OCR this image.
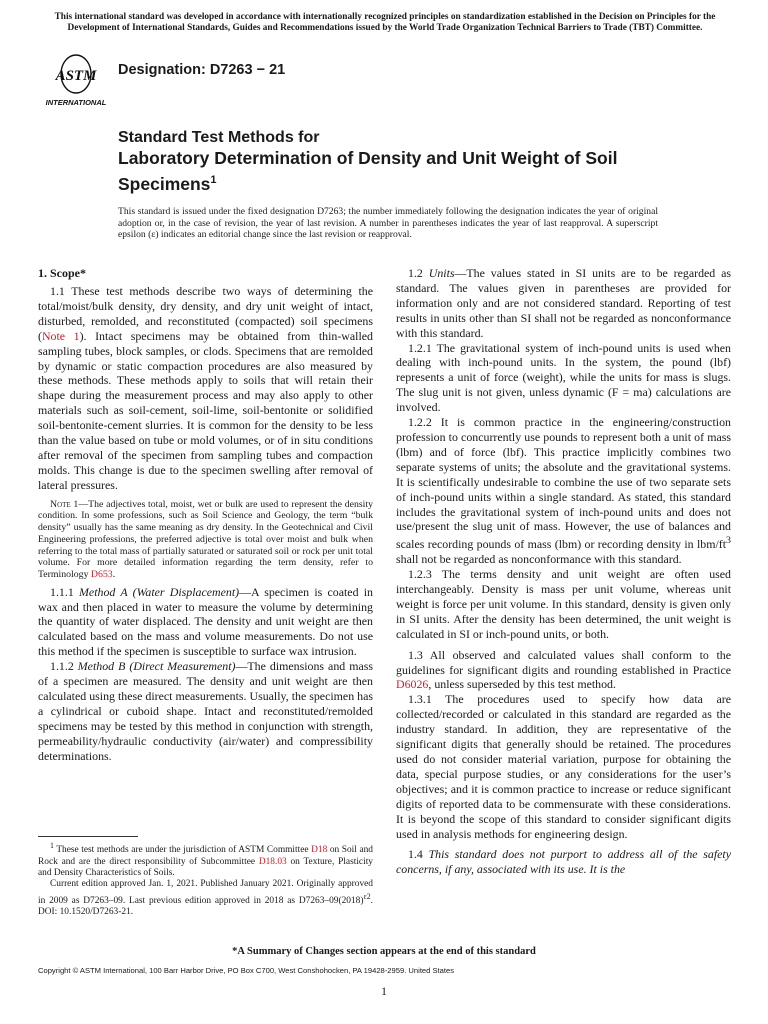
This international standard was developed in accordance with internationally recognized principles on standardization established in the Decision on Principles for the
Development of International Standards, Guides and Recommendations issued by the World Trade Organization Technical Barriers to Trade (TBT) Committee.
ASTM
INTERNATIONAL
Designation: D7263 − 21
Standard Test Methods for
Laboratory Determination of Density and Unit Weight of Soil
Specimens$^1$
This standard is issued under the fixed designation D7263; the number immediately following the designation indicates the year of original adoption or, in the case of revision, the year of last revision. A number in parentheses indicates the year of last reapproval. A superscript epsilon (ε) indicates an editorial change since the last revision or reapproval.
1. Scope*

1.1 These test methods describe two ways of determining the total/moist/bulk density, dry density, and dry unit weight of intact, disturbed, remolded, and reconstituted (compacted) soil specimens (Note 1). Intact specimens may be obtained from thin-walled sampling tubes, block samples, or clods. Specimens that are remolded by dynamic or static compaction procedures are also measured by these methods. These methods apply to soils that will retain their shape during the measurement process and may also apply to other materials such as soil-cement, soil-lime, soil-bentonite or solidified soil-bentonite-cement slurries. It is common for the density to be less than the value based on tube or mold volumes, or of in situ conditions after removal of the specimen from sampling tubes and compaction molds. This change is due to the specimen swelling after removal of lateral pressures.

Note 1—The adjectives total, moist, wet or bulk are used to represent the density condition. In some professions, such as Soil Science and Geology, the term “bulk density” usually has the same meaning as dry density. In the Geotechnical and Civil Engineering professions, the preferred adjective is total over moist and bulk when referring to the total mass of partially saturated or saturated soil or rock per unit total volume. For more detailed information regarding the term density, refer to Terminology D653.

1.1.1 Method A (Water Displacement)—A specimen is coated in wax and then placed in water to measure the volume by determining the quantity of water displaced. The density and unit weight are then calculated based on the mass and volume measurements. Do not use this method if the specimen is susceptible to surface wax intrusion.

1.1.2 Method B (Direct Measurement)—The dimensions and mass of a specimen are measured. The density and unit weight are then calculated using these direct measurements. Usually, the specimen has a cylindrical or cuboid shape. Intact and reconstituted/remolded specimens may be tested by this method in conjunction with strength, permeability/hydraulic conductivity (air/water) and compressibility determinations.

$^1$ These test methods are under the jurisdiction of ASTM Committee D18 on Soil and Rock and are the direct responsibility of Subcommittee D18.03 on Texture, Plasticity and Density Characteristics of Soils.

Current edition approved Jan. 1, 2021. Published January 2021. Originally approved in 2009 as D7263–09. Last previous edition approved in 2018 as $D7263-09(2018)^{\varepsilon 2}$. DOI: 10.1520/D7263-21.

1.2 Units—The values stated in SI units are to be regarded as standard. The values given in parentheses are provided for information only and are not considered standard. Reporting of test results in units other than SI shall not be regarded as nonconformance with this standard.

1.2.1 The gravitational system of inch-pound units is used when dealing with inch-pound units. In the system, the pound (lbf) represents a unit of force (weight), while the units for mass is slugs. The slug unit is not given, unless dynamic (F = ma) calculations are involved.

1.2.2 It is common practice in the engineering/construction profession to concurrently use pounds to represent both a unit of mass (lbm) and of force (lbf). This practice implicitly combines two separate systems of units; the absolute and the gravitational systems. It is scientifically undesirable to combine the use of two separate sets of inch-pound units within a single standard. As stated, this standard includes the gravitational system of inch-pound units and does not use/present the slug unit of mass. However, the use of balances and scales recording pounds of mass (lbm) or recording density in lbm/$ft^3$ shall not be regarded as nonconformance with this standard.

1.2.3 The terms density and unit weight are often used interchangeably. Density is mass per unit volume, whereas unit weight is force per unit volume. In this standard, density is given only in SI units. After the density has been determined, the unit weight is calculated in SI or inch-pound units, or both.

1.3 All observed and calculated values shall conform to the guidelines for significant digits and rounding established in Practice D6026, unless superseded by this test method.

1.3.1 The procedures used to specify how data are collected/recorded or calculated in this standard are regarded as the industry standard. In addition, they are representative of the significant digits that generally should be retained. The procedures used do not consider material variation, purpose for obtaining the data, special purpose studies, or any considerations for the user’s objectives; and it is common practice to increase or reduce significant digits of reported data to be commensurate with these considerations. It is beyond the scope of this standard to consider significant digits used in analysis methods for engineering design.

1.4 This standard does not purport to address all of the safety concerns, if any, associated with its use. It is the

*A Summary of Changes section appears at the end of this standard
Copyright © ASTM International, 100 Barr Harbor Drive, PO Box C700, West Conshohocken, PA 19428-2959. United States
1
